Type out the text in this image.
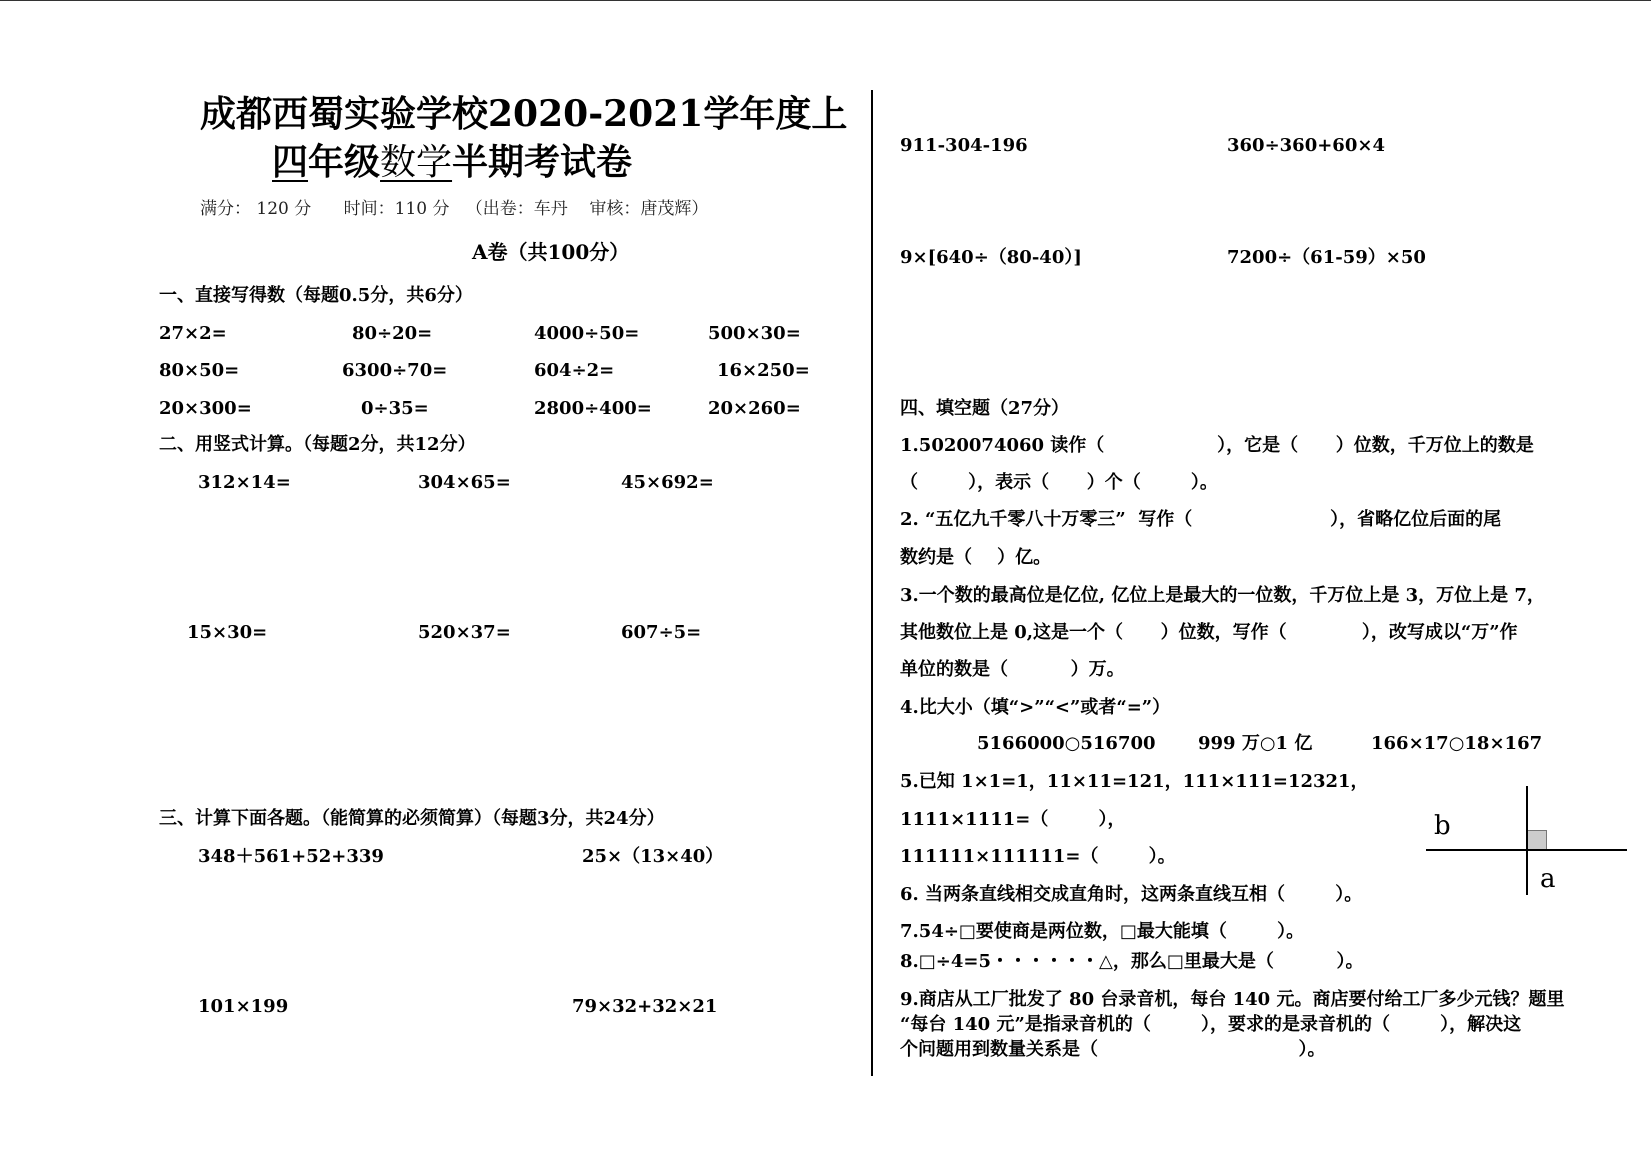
成都西蜀实验学校2020-2021学年度上
四年级数学半期考试卷
满分： 120 分      时间：110 分   （出卷：车丹    审核：唐茂辉）
A卷（共100分）
一、直接写得数（每题0.5分，共6分）
27×2=	80÷20=	4000÷50=	500×30=
80×50=	6300÷70=	604÷2=	16×250=
20×300=	0÷35=	2800÷400=	20×260=
二、用竖式计算。（每题2分，共12分）
312×14=	304×65=	45×692=
15×30=	520×37=	607÷5=
三、计算下面各题。（能简算的必须简算）（每题3分，共24分）
348＋561+52+339	25×（13×40）
101×199	79×32+32×21
911-304-196	360÷360+60×4
9×[640÷（80-40）]	7200÷（61-59）×50
四、填空题（27分）
1.5020074060 读作（                  ），它是（      ）位数，千万位上的数是
（        ），表示（      ）个（        ）。
2. “五亿九千零八十万零三”  写作（                      ），省略亿位后面的尾
数约是（    ）亿。
3.一个数的最高位是亿位, 亿位上是最大的一位数，千万位上是 3，万位上是 7，
其他数位上是 0,这是一个（      ）位数，写作（            ），改写成以“万”作
单位的数是（          ）万。
4.比大小（填“>”“<”或者“=”）
5166000○516700 999 万○1 亿	166×17○18×167
5.已知 1×1=1，11×11=121，111×111=12321，
1111×1111=（        ），
111111×111111=（        ）。
6. 当两条直线相交成直角时，这两条直线互相（        ）。
7.54÷□要使商是两位数，□最大能填（        ）。
8.□÷4=5・・・・・・△，那么□里最大是（          ）。
9.商店从工厂批发了 80 台录音机，每台 140 元。商店要付给工厂多少元钱？题里
“每台 140 元”是指录音机的（        ），要求的是录音机的（        ），解决这
个问题用到数量关系是（                                ）。
b
a
